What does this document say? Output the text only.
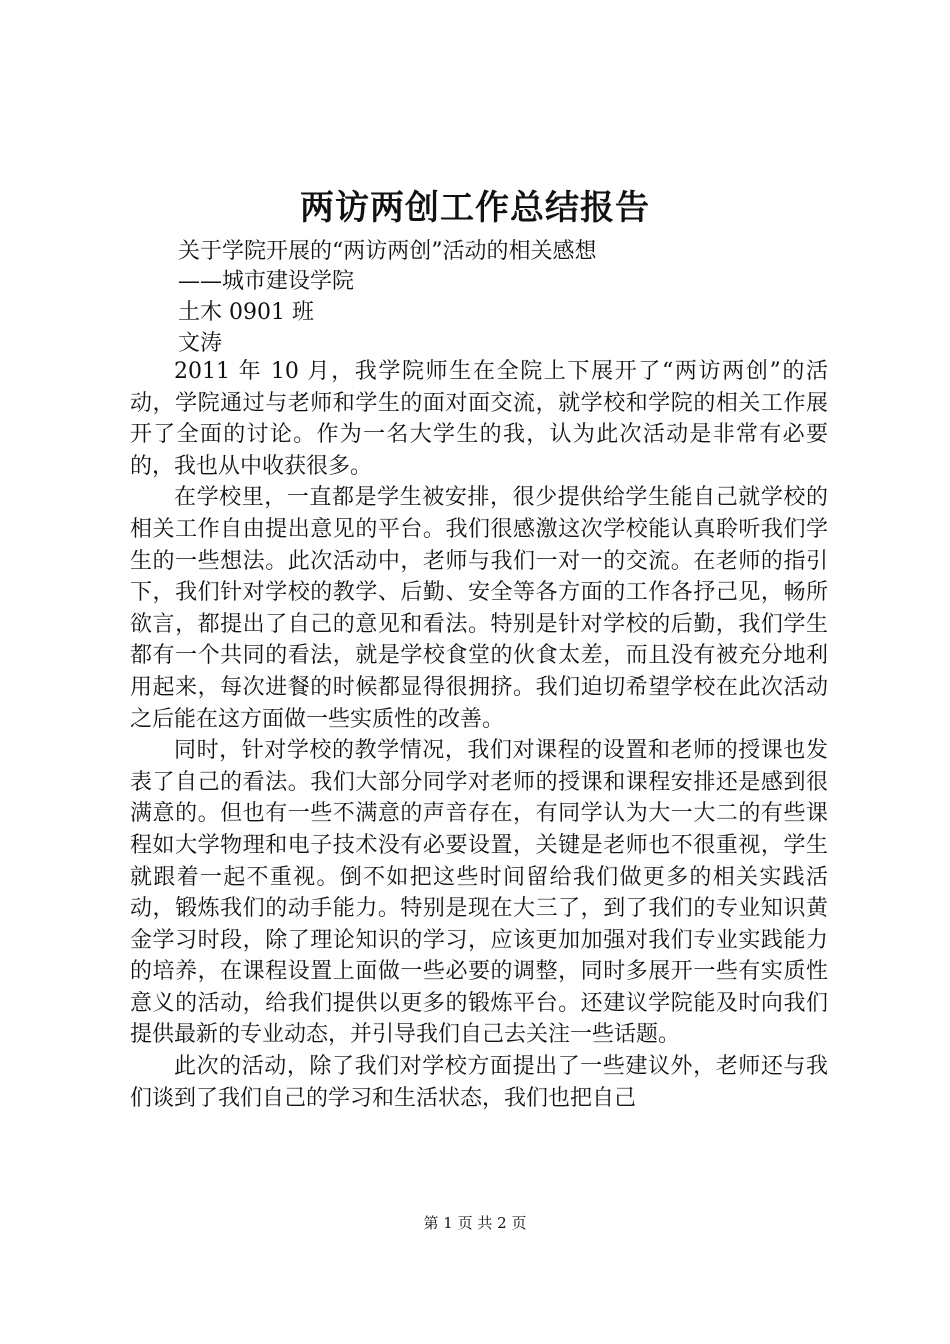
两访两创工作总结报告
关于学院开展的“两访两创”活动的相关感想
——城市建设学院
土木 0901 班
文涛

2011 年 10 月，我学院师生在全院上下展开了“两访两创”的活动，学院通过与老师和学生的面对面交流，就学校和学院的相关工作展开了全面的讨论。作为一名大学生的我，认为此次活动是非常有必要的，我也从中收获很多。

在学校里，一直都是学生被安排，很少提供给学生能自己就学校的相关工作自由提出意见的平台。我们很感激这次学校能认真聆听我们学生的一些想法。此次活动中，老师与我们一对一的交流。在老师的指引下，我们针对学校的教学、后勤、安全等各方面的工作各抒己见，畅所欲言，都提出了自己的意见和看法。特别是针对学校的后勤，我们学生都有一个共同的看法，就是学校食堂的伙食太差，而且没有被充分地利用起来，每次进餐的时候都显得很拥挤。我们迫切希望学校在此次活动之后能在这方面做一些实质性的改善。

同时，针对学校的教学情况，我们对课程的设置和老师的授课也发表了自己的看法。我们大部分同学对老师的授课和课程安排还是感到很满意的。但也有一些不满意的声音存在，有同学认为大一大二的有些课程如大学物理和电子技术没有必要设置，关键是老师也不很重视，学生就跟着一起不重视。倒不如把这些时间留给我们做更多的相关实践活动，锻炼我们的动手能力。特别是现在大三了，到了我们的专业知识黄金学习时段，除了理论知识的学习，应该更加加强对我们专业实践能力的培养，在课程设置上面做一些必要的调整，同时多展开一些有实质性意义的活动，给我们提供以更多的锻炼平台。还建议学院能及时向我们提供最新的专业动态，并引导我们自己去关注一些话题。

此次的活动，除了我们对学校方面提出了一些建议外，老师还与我们谈到了我们自己的学习和生活状态，我们也把自己

第 1 页 共 2 页
